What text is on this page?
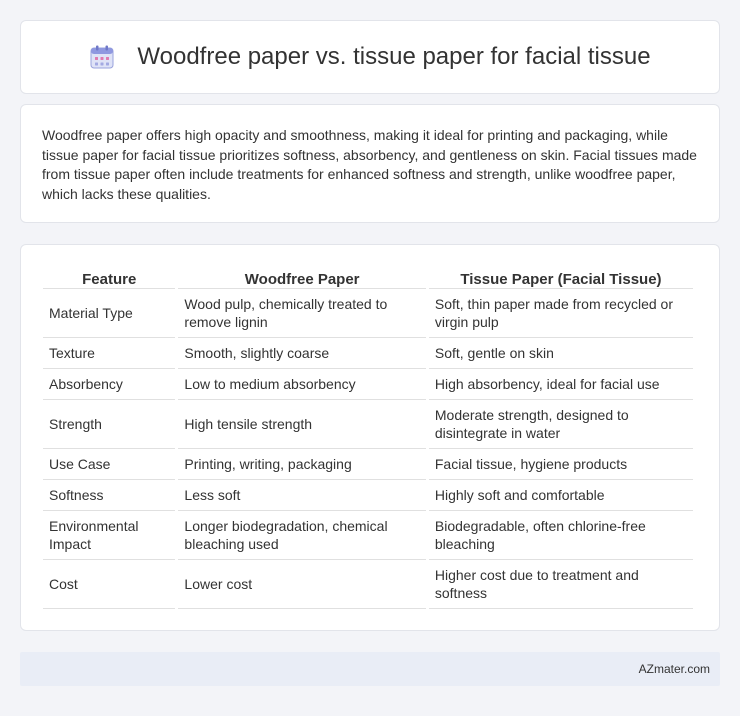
Woodfree paper vs. tissue paper for facial tissue

Woodfree paper offers high opacity and smoothness, making it ideal for printing and packaging, while tissue paper for facial tissue prioritizes softness, absorbency, and gentleness on skin. Facial tissues made from tissue paper often include treatments for enhanced softness and strength, unlike woodfree paper, which lacks these qualities.

Feature	Woodfree Paper	Tissue Paper (Facial Tissue)
Material Type	Wood pulp, chemically treated to remove lignin	Soft, thin paper made from recycled or virgin pulp
Texture	Smooth, slightly coarse	Soft, gentle on skin
Absorbency	Low to medium absorbency	High absorbency, ideal for facial use
Strength	High tensile strength	Moderate strength, designed to disintegrate in water
Use Case	Printing, writing, packaging	Facial tissue, hygiene products
Softness	Less soft	Highly soft and comfortable
Environmental Impact	Longer biodegradation, chemical bleaching used	Biodegradable, often chlorine-free bleaching
Cost	Lower cost	Higher cost due to treatment and softness
AZmater.com
